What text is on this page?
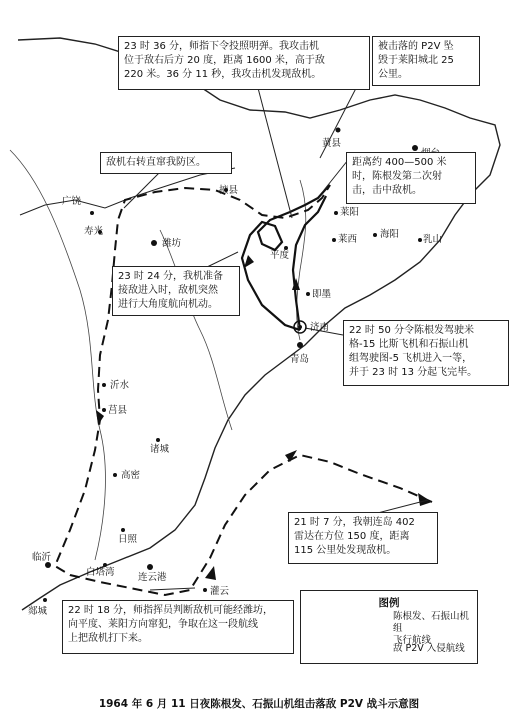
黄县
广饶
寿光
掖县
潍坊
莱阳
莱西	乳山
海阳
平度
即墨
济南
青岛
沂水
莒县
诸城
高密
日照
临沂
白塔湾 连云港
郯城
灌云
23 时 36 分，师指下令投照明弹。我攻击机
位于敌右后方 20 度，距离 1600 米，高于敌
220 米。36 分 11 秒，我攻击机发现敌机。
被击落的 P2V 坠
毁于莱阳城北 25
公里。
敌机右转直窜我防区。	距离约 400—500 米
时，陈根发第二次射
击，击中敌机。
23 时 24 分，我机准备
接敌进入时，敌机突然
进行大角度航向机动。
22 时 50 分令陈根发驾驶米
格-15 比斯飞机和石振山机
组驾驶图-5 飞机进入一等，
并于 23 时 13 分起飞完毕。
21 时 7 分，我朝连岛 402
雷达在方位 150 度，距离
115 公里处发现敌机。
22 时 18 分，师指挥员判断敌机可能经潍坊，
向平度、莱阳方向窜犯，争取在这一段航线
上把敌机打下来。
图例
陈根发、石振山机组
飞行航线
敌 P2V 入侵航线
1964 年 6 月 11 日夜陈根发、石振山机组击落敌 P2V 战斗示意图
